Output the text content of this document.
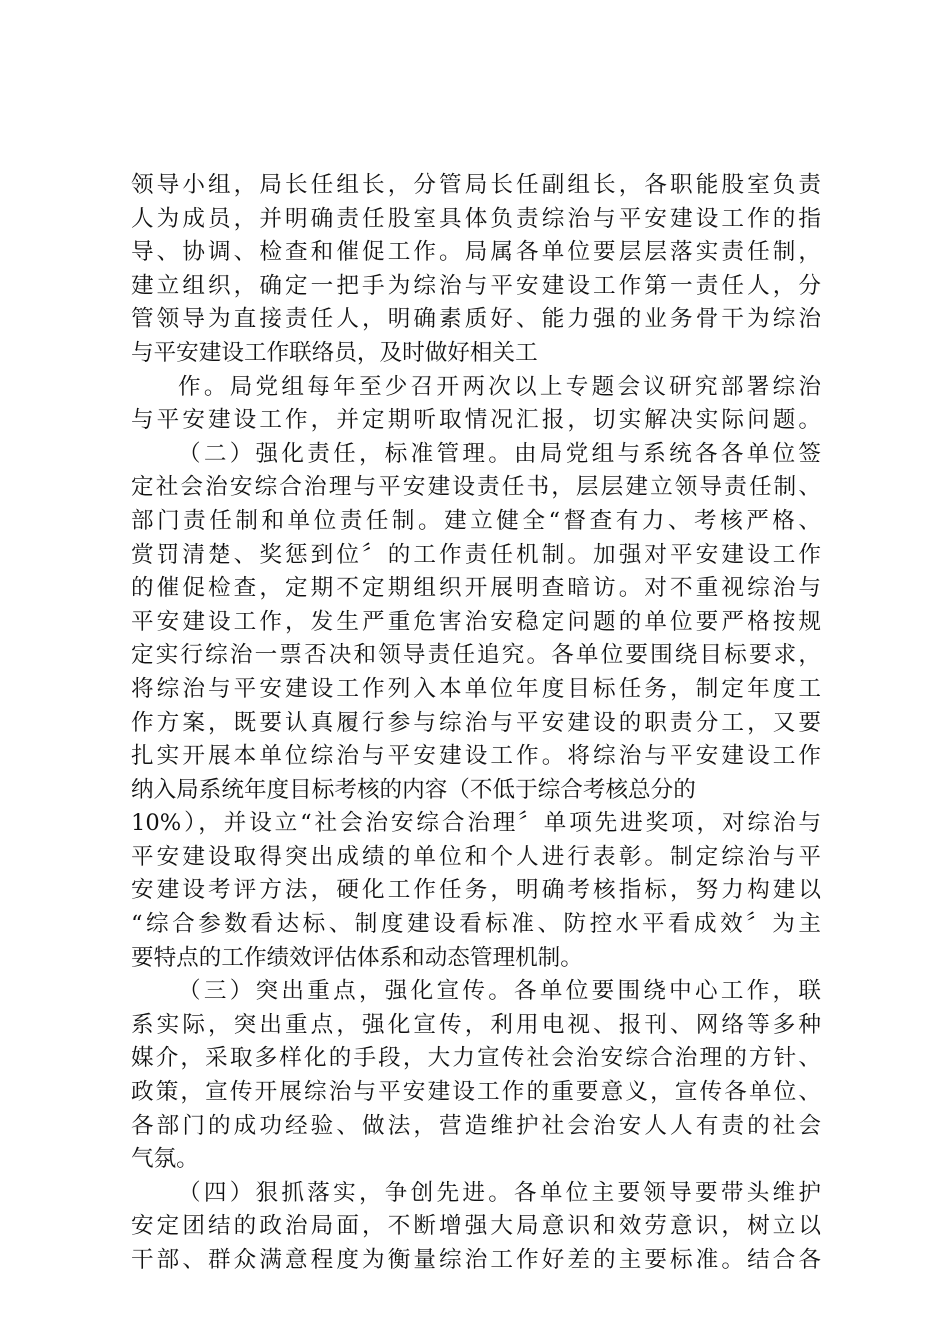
领导小组，局长任组长，分管局长任副组长，各职能股室负责
人为成员，并明确责任股室具体负责综治与平安建设工作的指
导、协调、检查和催促工作。局属各单位要层层落实责任制，
建立组织，确定一把手为综治与平安建设工作第一责任人，分
管领导为直接责任人，明确素质好、能力强的业务骨干为综治
与平安建设工作联络员，及时做好相关工
作。局党组每年至少召开两次以上专题会议研究部署综治
与平安建设工作，并定期听取情况汇报，切实解决实际问题。
（二）强化责任，标准管理。由局党组与系统各各单位签
定社会治安综合治理与平安建设责任书，层层建立领导责任制、
部门责任制和单位责任制。建立健全“督查有力、考核严格、
赏罚清楚、奖惩到位〞的工作责任机制。加强对平安建设工作
的催促检查，定期不定期组织开展明查暗访。对不重视综治与
平安建设工作，发生严重危害治安稳定问题的单位要严格按规
定实行综治一票否决和领导责任追究。各单位要围绕目标要求，
将综治与平安建设工作列入本单位年度目标任务，制定年度工
作方案，既要认真履行参与综治与平安建设的职责分工，又要
扎实开展本单位综治与平安建设工作。将综治与平安建设工作
纳入局系统年度目标考核的内容（不低于综合考核总分的
10%），并设立“社会治安综合治理〞单项先进奖项，对综治与
平安建设取得突出成绩的单位和个人进行表彰。制定综治与平
安建设考评方法，硬化工作任务，明确考核指标，努力构建以
“综合参数看达标、制度建设看标准、防控水平看成效〞为主
要特点的工作绩效评估体系和动态管理机制。
（三）突出重点，强化宣传。各单位要围绕中心工作，联
系实际，突出重点，强化宣传，利用电视、报刊、网络等多种
媒介，采取多样化的手段，大力宣传社会治安综合治理的方针、
政策，宣传开展综治与平安建设工作的重要意义，宣传各单位、
各部门的成功经验、做法，营造维护社会治安人人有责的社会
气氛。
（四）狠抓落实，争创先进。各单位主要领导要带头维护
安定团结的政治局面，不断增强大局意识和效劳意识，树立以
干部、群众满意程度为衡量综治工作好差的主要标准。结合各
